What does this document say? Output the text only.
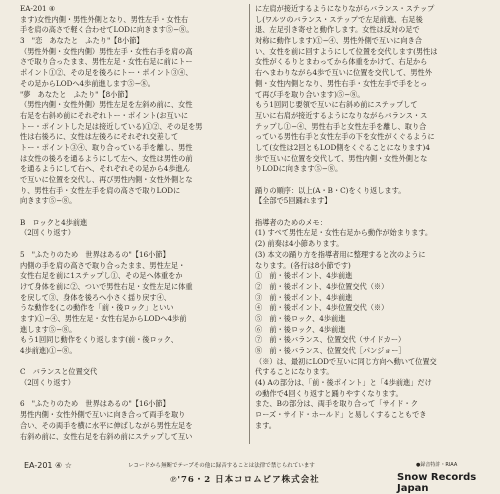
EA-201 ④
ます)女性内側・男性外側となり、男性左手・女性右
手を肩の高さで軽く合わせてLODに向きます⑤−⑧。
3　"恋　あなたと　ふたり"【8小節】
（男性外側・女性内側）男性左手・女性右手を肩の高
さで取り合ったまま、男性左足・女性右足に前にトー
ポイント①②、その足を後ろにトー・ポイント③④、
その足からLODへ4歩前進します⑤−⑧。
"夢　あなたと　ふたり"【8小節】
（男性内側・女性外側）男性左足を左斜め前に、女性
右足を右斜め前にそれぞれトー・ポイント(お互いに
トー・ポイントした足は接近している)①②、その足を男
性は右後ろに、女性は左後ろにそれぞれ交差して
トー・ポイント③④、取り合っている手を離し、男性
は女性の後ろを通るようにして左へ、女性は男性の前
を通るようにして右へ、それぞれその足から4歩進ん
で互いに位置を交代し、再び男性内側・女性外側とな
り、男性右手・女性左手を肩の高さで取りLODに
向きます⑤−⑧。
B　ロックと4歩前進
（2回くり返す）
5　"ふたりのため　世界はあるの"【16小節】
内側の手を肩の高さで取り合ったまま、男性左足・
女性右足を前に1ステップし①、その足へ体重をか
けて身体を前に②、ついで男性右足・女性左足に体重
を戻して③、身体を後ろへ小さく揺り戻す④、
うな動作を(この動作を「前・後ロック」といい
ます)①−④、男性左足・女性右足からLODへ4歩前
進します⑤−⑧。
もう1回同じ動作をくり返します(前・後ロック、
4歩前進)①−⑧。
C　バランスと位置交代
（2回くり返す）
6　"ふたりのため　世界はあるの"【16小節】
男性内側・女性外側で互いに向き合って両手を取り
合い、その両手を横に水平に伸ばしながら男性左足を
右斜め前に、女性右足を右斜め前にステップして互い
に左肩が接近するようになりながらバランス・ステップ
し(ワルツのバランス・ステップで左足前進、右足後
退、左足引き寄せと動作します。女性は反対の足で
対称に動作します)①−④、男性外側で互いに向き合
い、女性を前に回すようにして位置を交代します(男性は
女性がくるりとまわってから体重をかけて、右足から
右へまわりながら4歩で互いに位置を交代して、男性外
側・女性内側となり、男性右手・女性左手で手をとっ
て再び手を取り合います)⑤−⑧。
もう1回同じ要領で互いに右斜め前にステップして
互いに右肩が接近するようになりながらバランス・ス
テップし①−④、男性右手と女性左手を離し、取り合
っている男性右手と女性左手の下を女性がくぐるように
して(女性は2回ともLOD側をくぐることになります)4
歩で互いに位置を交代して、男性内側・女性外側とな
りLODに向きます⑤−⑧。
踊りの順序：以上(A・B・C)をくり返します。
【全部で5回踊れます】
指導者のためのメモ：
(1) すべて男性左足・女性右足から動作が始まります。
(2) 前奏は4小節あります。
(3) 本文の踊り方を指導者用に整理すると次のように
なります。(各行は8小節です)
①　前・後ポイント、4歩前進
②　前・後ポイント、4歩位置交代（※）
③　前・後ポイント、4歩前進
④　前・後ポイント、4歩位置交代（※）
⑤　前・後ロック、4歩前進
⑥　前・後ロック、4歩前進
⑦　前・後バランス、位置交代（サイドカー）
⑧　前・後バランス、位置交代［パンジョー］
（※）は、最初にLODで互いに同じ方向へ動いて位置交
代することになります。
(4) Aの部分は、「前・後ポイント」と「4歩前進」だけ
の動作で4回くり返すと踊りやすくなります。
また、Bの部分は、両手を取り合って「サイド・ク
ローズ・サイド・ホールド」と易しくすることもでき
ます。
EA-201 ④ ☆	レコードから無断でテープその他に録音することは法律で禁じられています	●録音特許・RIAA
℗'76・2 日本コロムビア株式会社	Snow Records Japan
